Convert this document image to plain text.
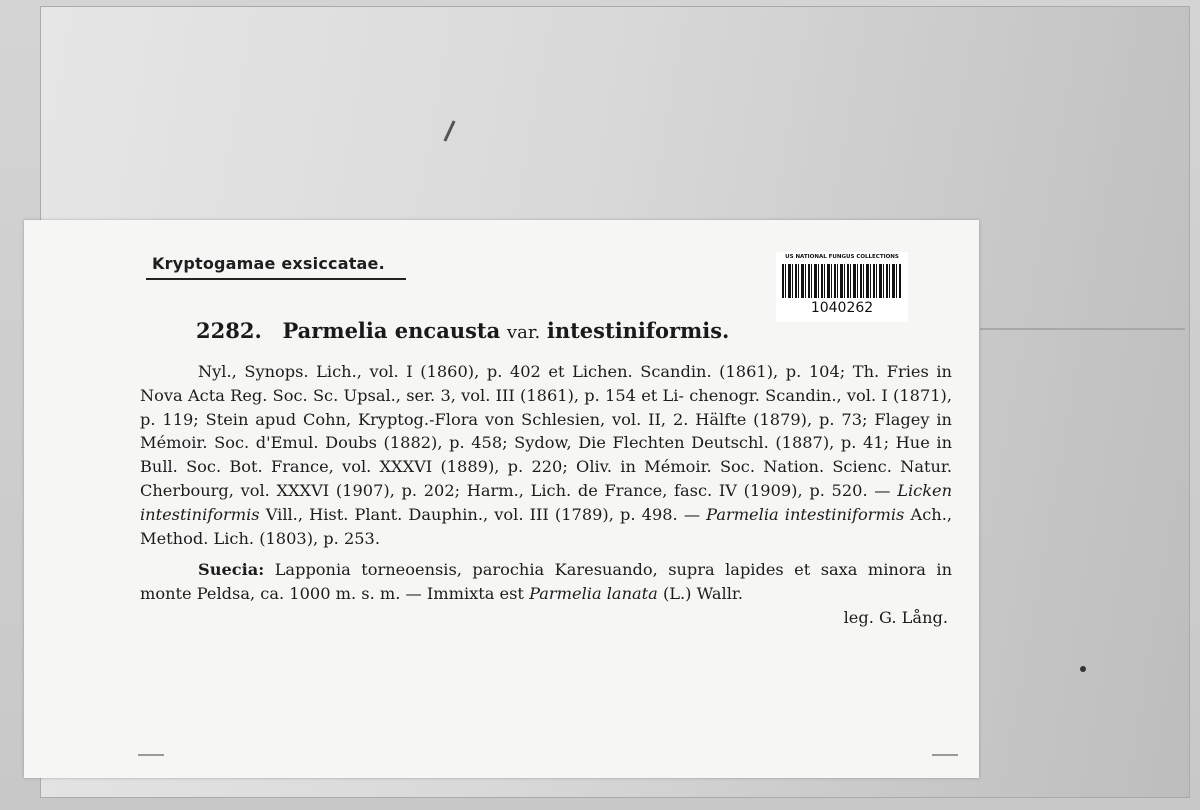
Kryptogamae exsiccatae.	US NATIONAL FUNGUS COLLECTIONS
1040262
2282. Parmelia encausta var. intestiniformis.

Nyl., Synops. Lich., vol. I (1860), p. 402 et Lichen. Scandin. (1861), p. 104; Th. Fries in Nova Acta Reg. Soc. Sc. Upsal., ser. 3, vol. III (1861), p. 154 et Li- chenogr. Scandin., vol. I (1871), p. 119; Stein apud Cohn, Kryptog.-Flora von Schlesien, vol. II, 2. Hälfte (1879), p. 73; Flagey in Mémoir. Soc. d'Emul. Doubs (1882), p. 458; Sydow, Die Flechten Deutschl. (1887), p. 41; Hue in Bull. Soc. Bot. France, vol. XXXVI (1889), p. 220; Oliv. in Mémoir. Soc. Nation. Scienc. Natur. Cherbourg, vol. XXXVI (1907), p. 202; Harm., Lich. de France, fasc. IV (1909), p. 520. — Licken intestiniformis Vill., Hist. Plant. Dauphin., vol. III (1789), p. 498. — Parmelia intestiniformis Ach., Method. Lich. (1803), p. 253.

Suecia: Lapponia torneoensis, parochia Karesuando, supra lapides et saxa minora in monte Peldsa, ca. 1000 m. s. m. — Immixta est Parmelia lanata (L.) Wallr.

leg. G. Lång.
